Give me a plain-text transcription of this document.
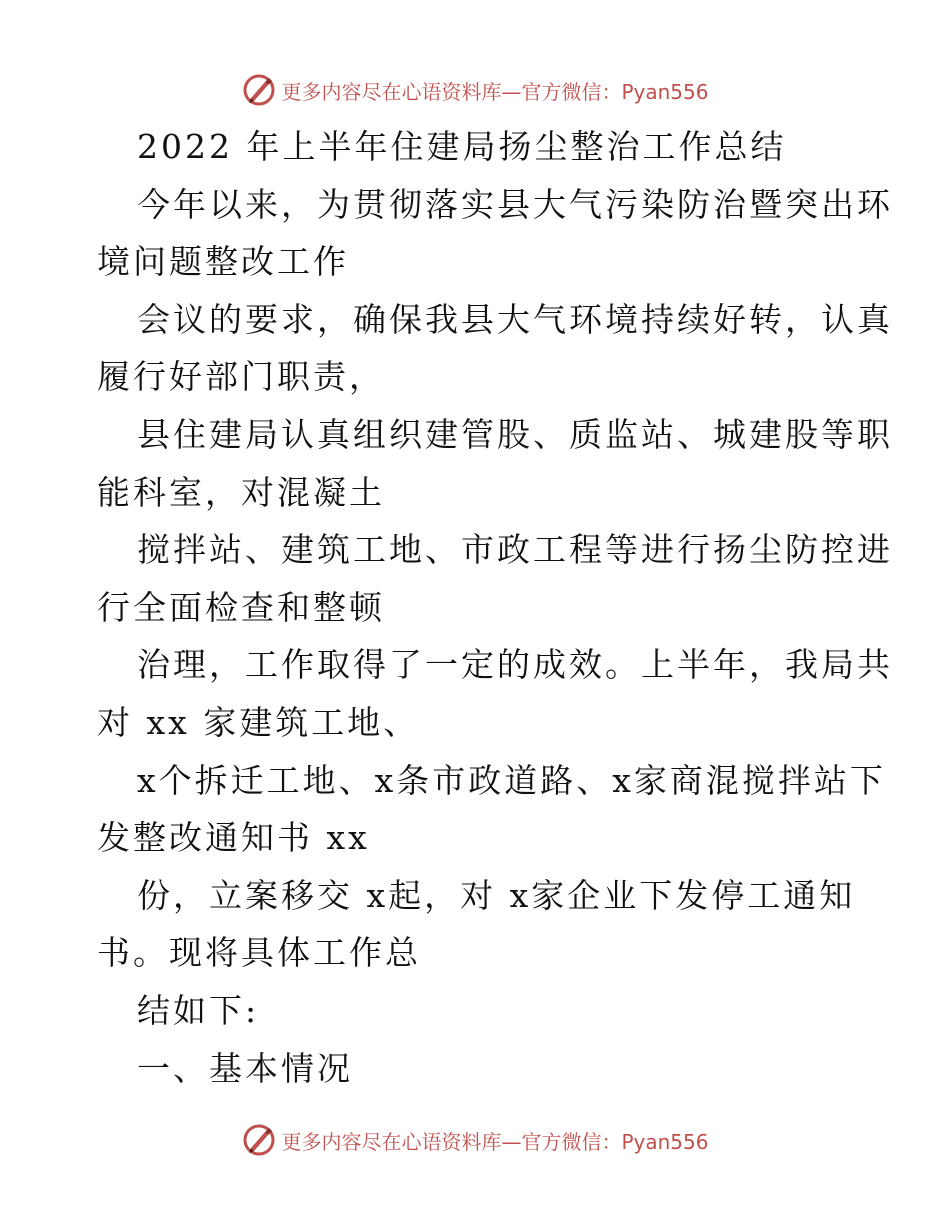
更多内容尽在心语资料库—官方微信：Pyan556
2022 年上半年住建局扬尘整治工作总结
今年以来，为贯彻落实县大气污染防治暨突出环
境问题整改工作
会议的要求，确保我县大气环境持续好转，认真
履行好部门职责，
县住建局认真组织建管股、质监站、城建股等职
能科室，对混凝土
搅拌站、建筑工地、市政工程等进行扬尘防控进
行全面检查和整顿
治理，工作取得了一定的成效。上半年，我局共
对 xx 家建筑工地、
x个拆迁工地、x条市政道路、x家商混搅拌站下
发整改通知书 xx
份，立案移交 x起，对 x家企业下发停工通知
书。现将具体工作总
结如下:
一、基本情况
更多内容尽在心语资料库—官方微信：Pyan556
